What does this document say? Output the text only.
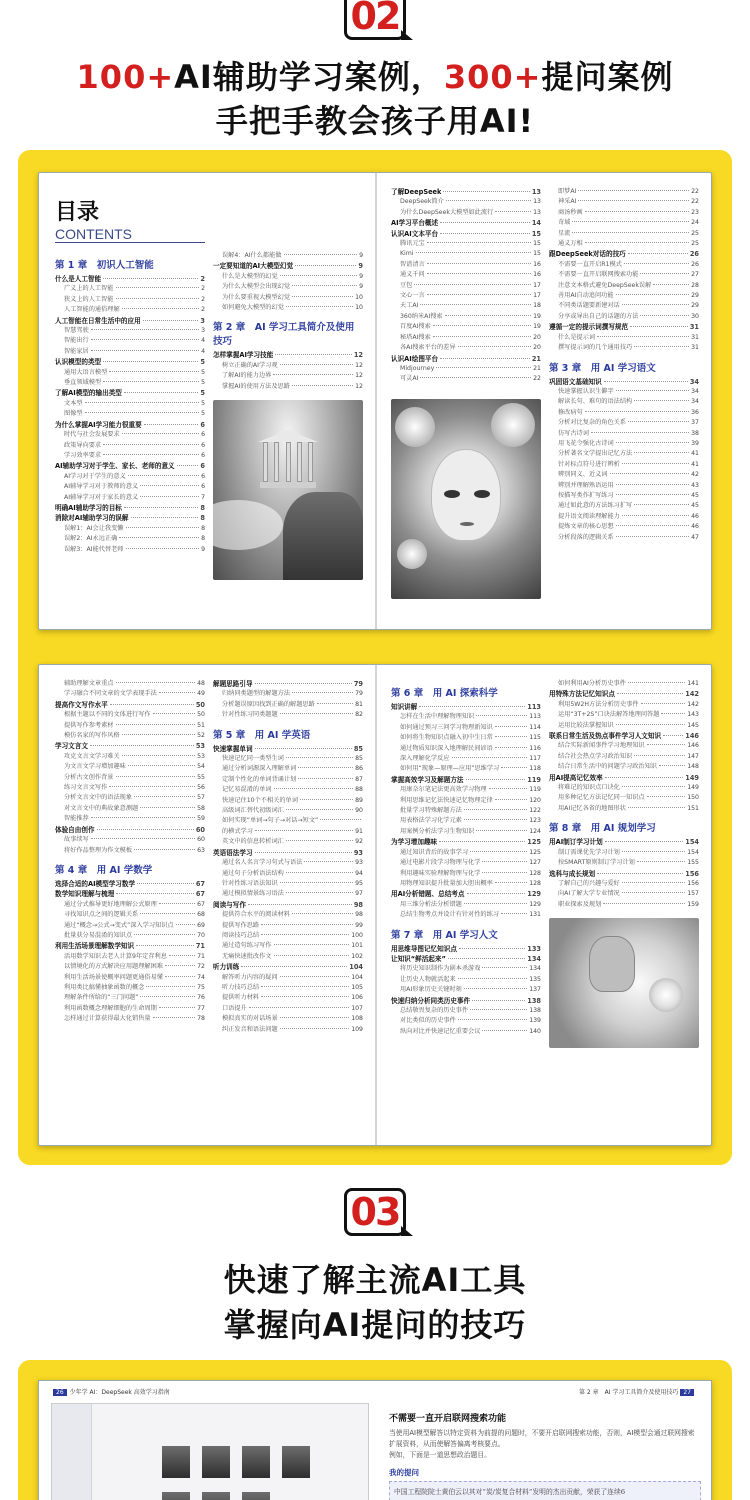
02
100+AI辅助学习案例，300+提问案例
手把手教会孩子用AI!
目录
CONTENTS
第 1 章　初识人工智能
什么是人工智能	2
广义上的人工智能	2
狭义上的人工智能	2
人工智能的通俗理解	2
人工智能在日常生活中的应用	3
智慧驾驶	3
智能出行	4
智能家居	4
认识模型的类型	5
通用大语言模型	5
垂直领域模型	5
了解AI模型的输出类型	5
文本型	5
图像型	5
为什么掌握AI学习能力很重要	6
时代与社会发展要求	6
政策导向要求	6
学习效率要求	6
AI辅助学习对于学生、家长、老师的意义	6
AI学习对于学生的意义	6
AI辅导学习对于教师的意义	6
AI辅导学习对于家长的意义	7
明确AI辅助学习的目标	8
消除对AI辅助学习的误解	8
误解1：AI会让我变懒	8
误解2：AI永远正确	8
误解3：AI能代替老师	9
误解4：AI什么都能做	9
一定要知道的AI大模型幻觉	9
什么是大模型的幻觉	9
为什么大模型会出现幻觉	9
为什么要重视大模型幻觉	10
如何避免大模型的幻觉	10
第 2 章　AI 学习工具简介及使用技巧
怎样掌握AI学习技能	12
树立正确的AI学习观	12
了解AI的能力边界	12
掌握AI的使用方法及思路	12
了解DeepSeek	13
DeepSeek简介	13
为什么DeepSeek大模型如此流行	13
AI学习平台概述	14
认识AI文本平台	15
腾讯元宝	15
Kimi	15
智谱清言	16
通义千问	16
豆包	17
文心一言	17
天工AI	18
360纳米AI搜索	19
百度AI搜索	19
秘塔AI搜索	20
各AI搜索平台的差异	20
认识AI绘图平台	21
Midjourney	21
可灵AI	22
即梦AI	22
神采AI	22
商汤秒画	23
奇域	24
星流	25
通义万相	25
跟DeepSeek对话的技巧	26
不需要一直开启R1模式	26
不需要一直开启联网搜索功能	27
注意文本格式避免DeepSeek误解	28
善用AI自动追问功能	29
不同类话题要新建对话	29
分享或导出自己的话题的方法	30
遵循一定的提示词撰写规范	31
什么是提示词	31
撰写提示词的几个通用技巧	31
第 3 章　用 AI 学习语文
巩固语文基础知识	34
快速掌握认识生僻字	34
解读长句、难句的语法结构	34
修改病句	36
分析对比复杂的角色关系	37
仿写古诗词	38
用飞花令强化古诗词	39
分析著名文学提出记忆方法	41
针对标点符号进行辨析	41
辨别同义、近义词	42
辨别并理解熟语运用	43
按描写类作扩写练习	45
通过如此意的方法练习扩写	45
提升语文阅读理解能力	46
提炼文章的核心思想	46
分析段落的逻辑关系	47
辅助理解文章重点	48
学习融合不同文章的文学表现手法	49
提高作文写作水平	50
根据主题以不同的文体进行写作	50
提供写作参考素材	51
模仿名家的写作风格	52
学习文言文	53
攻克文言文学习难关	53
为文言文学习增加趣味	54
分析古文创作背景	55
练习文言文写作	56
分析文言文中的语法现象	57
对文言文中的典故象意测题	58
智能推荐	59
体验自由创作	60
故事续写	60
将好作品整理为作文模板	63
第 4 章　用 AI 学数学
选择合适的AI模型学习数学	67
数学知识理解与梳理	67
通过分式推导更好地理解公式原理	67
寻找知识点之间的逻辑关系	68
通过“概念→公式→变式”深入学习知识点	69
批量获分易混淆的知识点	70
利用生活场景理解数学知识	71
活用数学知识去老人计算9年定存利息	71
以情境化的方式解决应用题理解困难	72
利用生活场景使概率问题更通俗易懂	74
利用类比搞懂抽象函数的概念	75
理解条件所给的“三门问题”	76
利用函数概念理解细胞的生命周期	77
怎样通过计算获得最大化销售量	78
解题思路引导	79
归纳同类题型的解题方法	79
分析题误原因找到正确的解题思路	81
针对性练习同类题题	82
第 5 章　用 AI 学英语
快速掌握单词	85
快速记忆同一类型生词	85
通过分析词源深入理解单词	86
定制个性化的单词背诵计划	87
记忆易混淆的单词	88
快速记住10个不相关的单词	89
高级词汇替代初级词汇	90
如何实现“单词→句子→对话→短文”
的横式学习	91
英文中的信息转析词汇	92
英语语法学习	93
通过名人名言学习句式与语法	93
通过句子分析语法结构	94
针对性练习语法知识	95
通过模拟情景练习语法	97
阅读与写作	98
提供符合水平的阅读材料	98
提供写作思路	99
阅读技巧总结	100
通过造句练习写作	101
无痛快速批改作文	102
听力训练	104
解答听力内容的疑问	104
听力技巧总结	105
提供听力材料	106
口语提升	107
模拟真实的对话场景	108
纠正发音和语法问题	109
第 6 章　用 AI 探索科学
知识讲解	113
怎样在生活中理解物理知识	113
如何通过预习三问学习物理新知识	114
如何将生物知识点融入初中生日常	115
通过物质知识深入地理解民间谚语	116
深入理解化学反应	117
如何用“现象—原理—应用”思维学习	118
掌握高效学习及解题方法	119
用康奈尔笔记法更高效学习物理	119
利用思维记忆法快速记忆物理定律	120
批量学习特殊解题方法	122
用表格法学习化学元素	123
用案例分析法学习生物知识	124
为学习增加趣味	125
通过知识背后的故事学习	125
通过电影片段学习物理与化学	127
利用趣味实验理解物理与化学	128
用物理知识提升批量加大胆出概率	128
用AI分析错题、总结考点	129
用三维分析法分析错题	129
总结生物考点并设计有针对性的练习	131
第 7 章　用 AI 学习人文
用思维导图记忆知识点	133
让知识“鲜活起来”	134
将历史知识制作为剧本杀游戏	134
让历史人物就活起来	135
用AI形象历史关键时刻	137
快速归纳分析同类历史事件	138
总结敬畏复杂的历史事件	138
对比类似的历史事件	139
纵向对比并快速记忆重要会议	140
如何利用AI分析历史事件	141
用特殊方法记忆知识点	142
利用5W2H方法分析历史事件	142
运用“3T+2S”口诀法解答地理问答题	143
运用比较法掌握知识	145
联系日常生活及热点事件学习人文知识	146
结合实际新闻事件学习地理知识	146
结合社会热点学习政治知识	147
结合日常生活中的问题学习政治知识	148
用AI提高记忆效率	149
将难记的知识点口诀化	149
用多种记忆方法记忆同一知识点	150
用AI记忆各省的地图形状	151
第 8 章　用 AI 规划学习
用AI制订学习计划	154
制订需课优先学习计划	154
按SMART原则制订学习计划	155
选科与成长规划	156
了解自己的兴趣与爱好	156
向AI了解大学专业情况	157
职业探索及规划	159
03
快速了解主流AI工具
掌握向AI提问的技巧
26 少年学 AI：DeepSeek 高效学习指南	第 2 章　AI 学习工具简介及使用技巧 27
不需要一直开启联网搜索功能

当使用AI模型解答以特定资料为前提的问题时，不要开启联网搜索功能，否则，AI模型会通过联网搜索扩展资料，从而使解答偏离考核要点。

例如，下面是一道思想政治题目。

我的提问
中国工程院院士黄伯云以其对“炭/炭复合材料”发明的杰出贡献，荣获了连续6
